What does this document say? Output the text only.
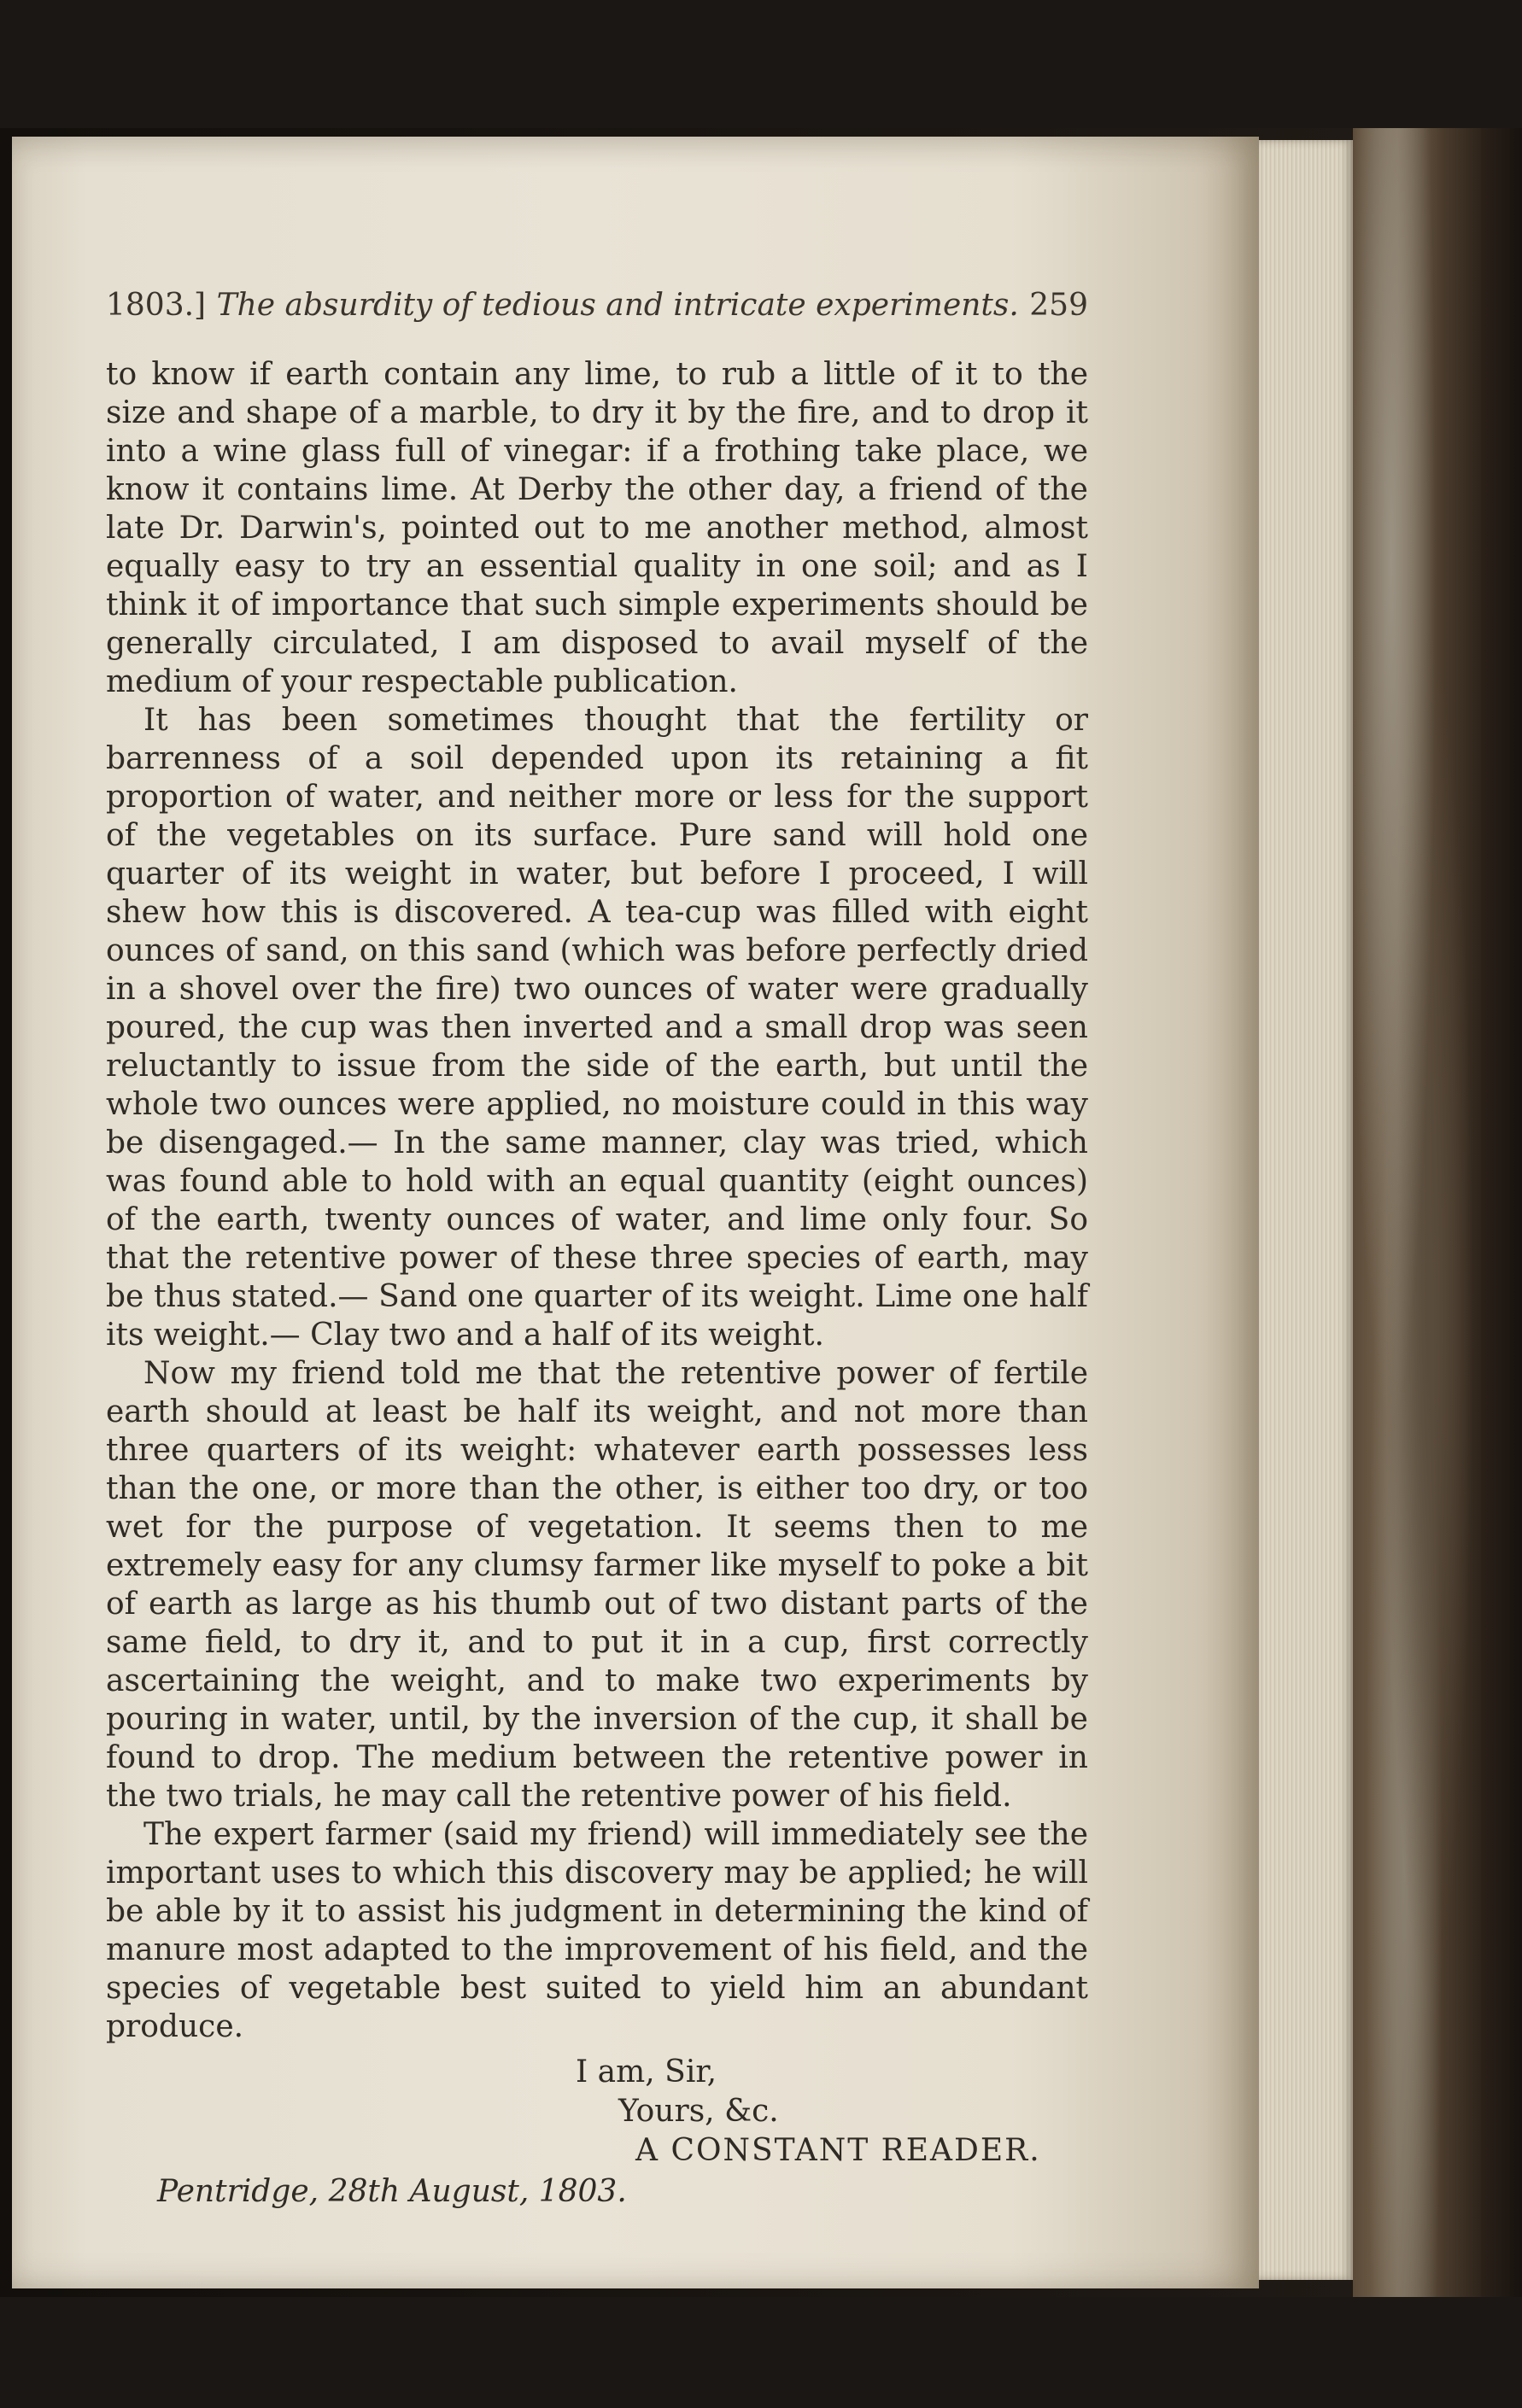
1803.] The absurdity of tedious and intricate experiments. 259

to know if earth contain any lime, to rub a little of it to the size and shape of a marble, to dry it by the fire, and to drop it into a wine glass full of vinegar: if a frothing take place, we know it contains lime. At Derby the other day, a friend of the late Dr. Darwin's, pointed out to me another method, almost equally easy to try an essential quality in one soil; and as I think it of importance that such simple experiments should be generally circulated, I am disposed to avail myself of the medium of your respectable publication.

It has been sometimes thought that the fertility or barrenness of a soil depended upon its retaining a fit proportion of water, and neither more or less for the support of the vegetables on its surface. Pure sand will hold one quarter of its weight in water, but before I proceed, I will shew how this is discovered. A tea-cup was filled with eight ounces of sand, on this sand (which was before perfectly dried in a shovel over the fire) two ounces of water were gradually poured, the cup was then inverted and a small drop was seen reluctantly to issue from the side of the earth, but until the whole two ounces were applied, no moisture could in this way be disengaged.— In the same manner, clay was tried, which was found able to hold with an equal quantity (eight ounces) of the earth, twenty ounces of water, and lime only four. So that the retentive power of these three species of earth, may be thus stated.— Sand one quarter of its weight. Lime one half its weight.— Clay two and a half of its weight.

Now my friend told me that the retentive power of fertile earth should at least be half its weight, and not more than three quarters of its weight: whatever earth possesses less than the one, or more than the other, is either too dry, or too wet for the purpose of vegetation. It seems then to me extremely easy for any clumsy farmer like myself to poke a bit of earth as large as his thumb out of two distant parts of the same field, to dry it, and to put it in a cup, first correctly ascertaining the weight, and to make two experiments by pouring in water, until, by the inversion of the cup, it shall be found to drop. The medium between the retentive power in the two trials, he may call the retentive power of his field.

The expert farmer (said my friend) will immediately see the important uses to which this discovery may be applied; he will be able by it to assist his judgment in determining the kind of manure most adapted to the improvement of his field, and the species of vegetable best suited to yield him an abundant produce.

I am, Sir,
Yours, &c.
A CONSTANT READER.
Pentridge, 28th August, 1803.
